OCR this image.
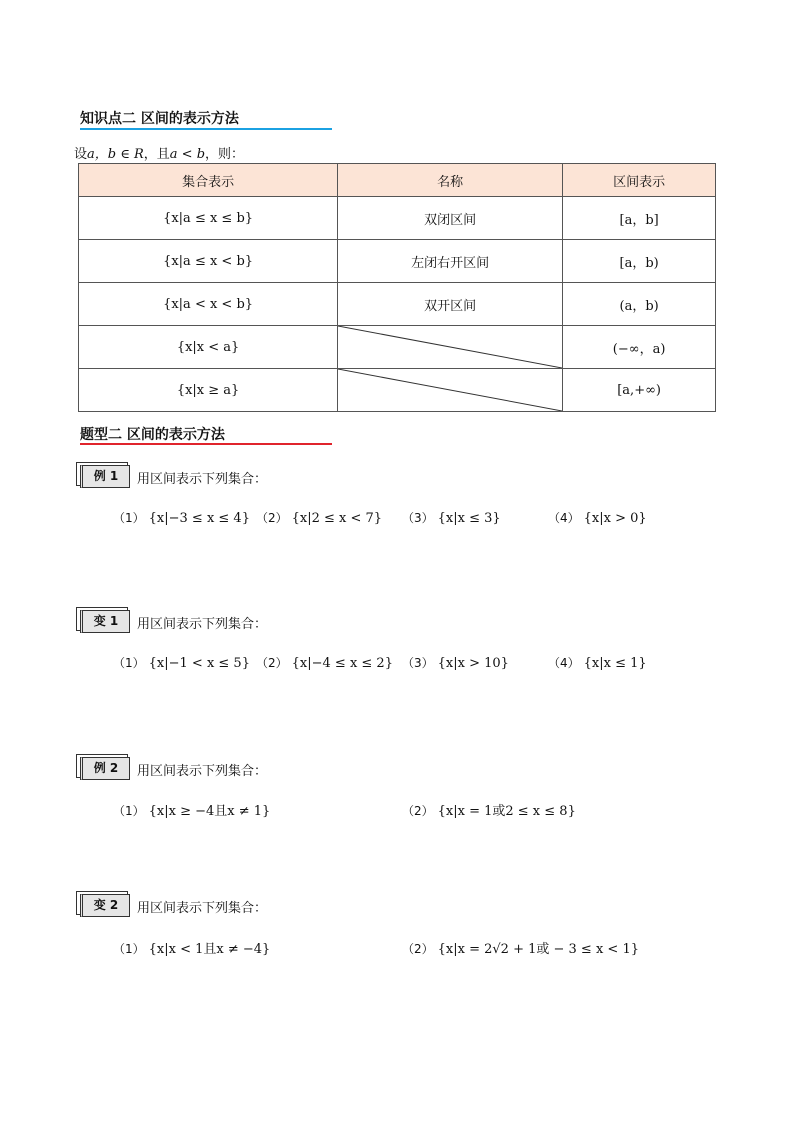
知识点二 区间的表示方法
设a，b ∈ R，且a < b，则：
集合表示	名称	区间表示
{x|a ≤ x ≤ b}	双闭区间	[a，b]
{x|a ≤ x < b}	左闭右开区间	[a，b)
{x|a < x < b}	双开区间	(a，b)
{x|x < a}		(−∞，a)
{x|x ≥ a}		[a,+∞)
题型二 区间的表示方法
例 1	用区间表示下列集合：
（1） {x|−3 ≤ x ≤ 4} （2） {x|2 ≤ x < 7} （3） {x|x ≤ 3}	（4） {x|x > 0}
变 1	用区间表示下列集合：
（1） {x|−1 < x ≤ 5} （2） {x|−4 ≤ x ≤ 2} （3） {x|x > 10}	（4） {x|x ≤ 1}
例 2	用区间表示下列集合：
（1） {x|x ≥ −4且x ≠ 1}	（2） {x|x = 1或2 ≤ x ≤ 8}
变 2	用区间表示下列集合：
（1） {x|x < 1且x ≠ −4}	（2） {x|x = 2√2 + 1或 − 3 ≤ x < 1}
